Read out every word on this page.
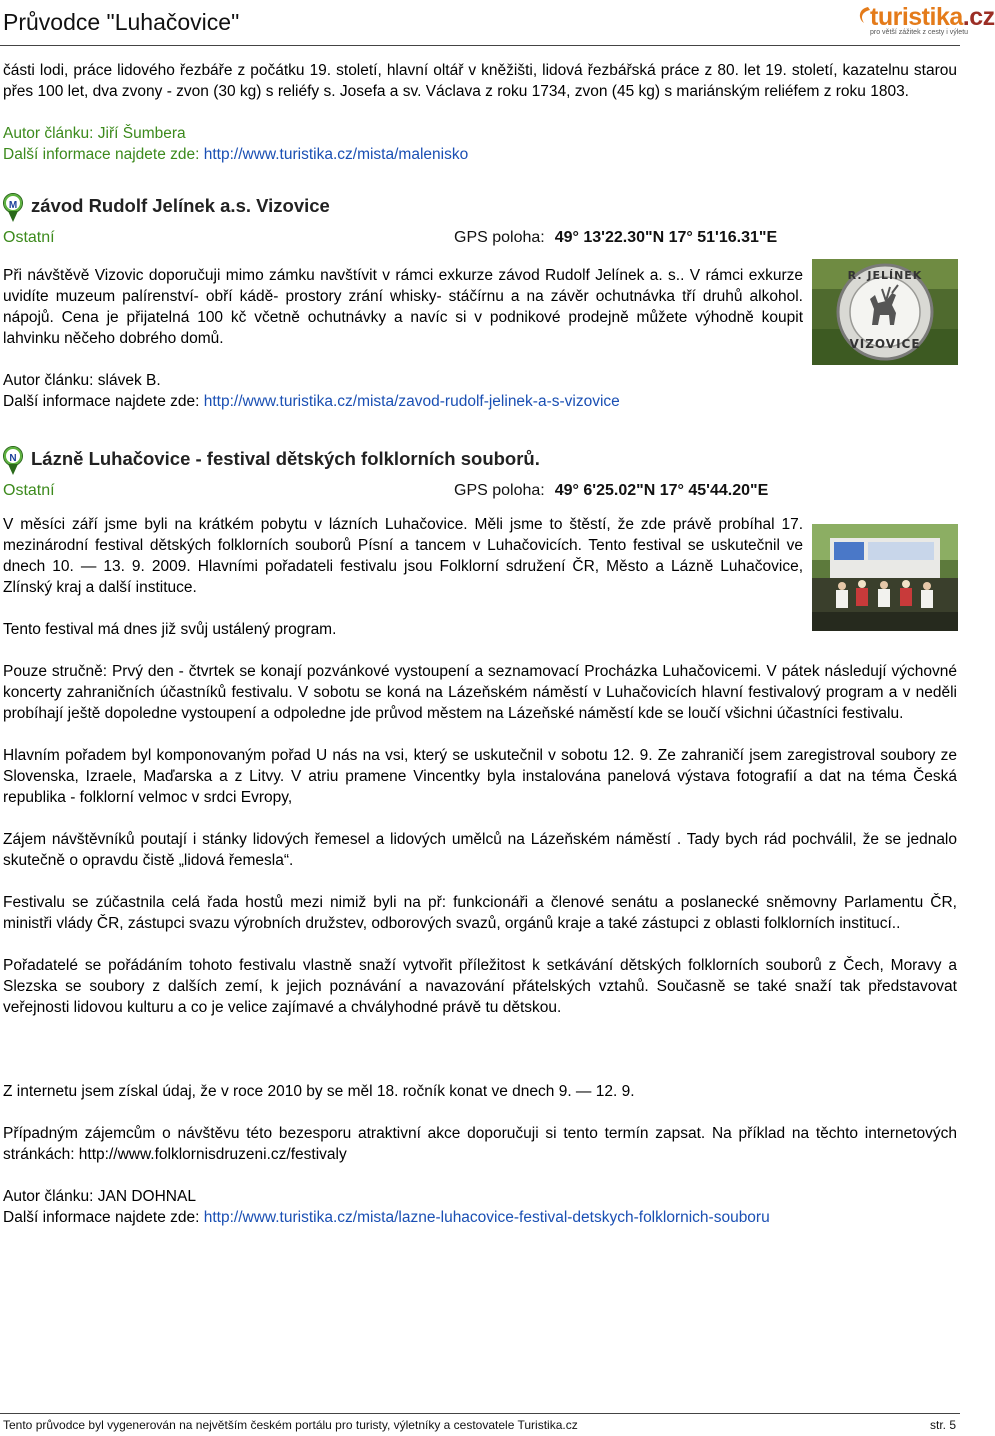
Průvodce "Luhačovice"	turistika.cz
pro větší zážitek z cesty i výletu

části lodi, práce lidového řezbáře z počátku 19. století, hlavní oltář v kněžišti, lidová řezbářská práce z 80. let 19. století, kazatelnu starou přes 100 let, dva zvony - zvon (30 kg) s reliéfy s. Josefa a sv. Václava z roku 1734, zvon (45 kg) s mariánským reliéfem z roku 1803.

Autor článku: Jiří Šumbera
Další informace najdete zde: http://www.turistika.cz/mista/malenisko
M závod Rudolf Jelínek a.s. Vizovice
Ostatní	GPS poloha: 49° 13'22.30"N 17° 51'16.31"E

Při návštěvě Vizovic doporučuji mimo zámku navštívit v rámci exkurze závod Rudolf Jelínek a. s.. V rámci exkurze uvidíte muzeum palírenství- obří kádě- prostory zrání whisky- stáčírnu a na závěr ochutnávka tří druhů alkohol. nápojů. Cena je přijatelná 100 kč včetně ochutnávky a navíc si v podnikové prodejně můžete výhodně koupit lahvinku něčeho dobrého domů.

Autor článku: slávek B.
Další informace najdete zde: http://www.turistika.cz/mista/zavod-rudolf-jelinek-a-s-vizovice
N Lázně Luhačovice - festival dětských folklorních souborů.
Ostatní	GPS poloha: 49° 6'25.02"N 17° 45'44.20"E

V měsíci září jsme byli na krátkém pobytu v lázních Luhačovice. Měli jsme to štěstí, že zde právě probíhal 17. mezinárodní festival dětských folklorních souborů Písní a tancem v Luhačovicích. Tento festival se uskutečnil ve dnech 10. — 13. 9. 2009. Hlavními pořadateli festivalu jsou Folklorní sdružení ČR, Město a Lázně Luhačovice, Zlínský kraj a další instituce.

Tento festival má dnes již svůj ustálený program.

Pouze stručně: Prvý den - čtvrtek se konají pozvánkové vystoupení a seznamovací Procházka Luhačovicemi. V pátek následují výchovné koncerty zahraničních účastníků festivalu. V sobotu se koná na Lázeňském náměstí v Luhačovicích hlavní festivalový program a v neděli probíhají ještě dopoledne vystoupení a odpoledne jde průvod městem na Lázeňské náměstí kde se loučí všichni účastníci festivalu.

Hlavním pořadem byl komponovaným pořad U nás na vsi, který se uskutečnil v sobotu 12. 9. Ze zahraničí jsem zaregistroval soubory ze Slovenska, Izraele, Maďarska a z Litvy. V atriu pramene Vincentky byla instalována panelová výstava fotografií a dat na téma Česká republika - folklorní velmoc v srdci Evropy,

Zájem návštěvníků poutají i stánky lidových řemesel a lidových umělců na Lázeňském náměstí . Tady bych rád pochválil, že se jednalo skutečně o opravdu čistě „lidová řemesla“.

Festivalu se zúčastnila celá řada hostů mezi nimiž byli na př: funkcionáři a členové senátu a poslanecké sněmovny Parlamentu ČR, ministři vlády ČR, zástupci svazu výrobních družstev, odborových svazů, orgánů kraje a také zástupci z oblasti folklorních institucí..

Pořadatelé se pořádáním tohoto festivalu vlastně snaží vytvořit příležitost k setkávání dětských folklorních souborů z Čech, Moravy a Slezska se soubory z dalších zemí, k jejich poznávání a navazování přátelských vztahů. Současně se také snaží tak představovat veřejnosti lidovou kulturu a co je velice zajímavé a chvályhodné právě tu dětskou.

Z internetu jsem získal údaj, že v roce 2010 by se měl 18. ročník konat ve dnech 9. — 12. 9.

Případným zájemcům o návštěvu této bezesporu atraktivní akce doporučuji si tento termín zapsat. Na příklad na těchto internetových stránkách: http://www.folklornisdruzeni.cz/festivaly

Autor článku: JAN DOHNAL
Další informace najdete zde: http://www.turistika.cz/mista/lazne-luhacovice-festival-detskych-folklornich-souboru
R. JELÍNEK
VIZOVICE
Tento průvodce byl vygenerován na největším českém portálu pro turisty, výletníky a cestovatele Turistika.cz	str. 5
